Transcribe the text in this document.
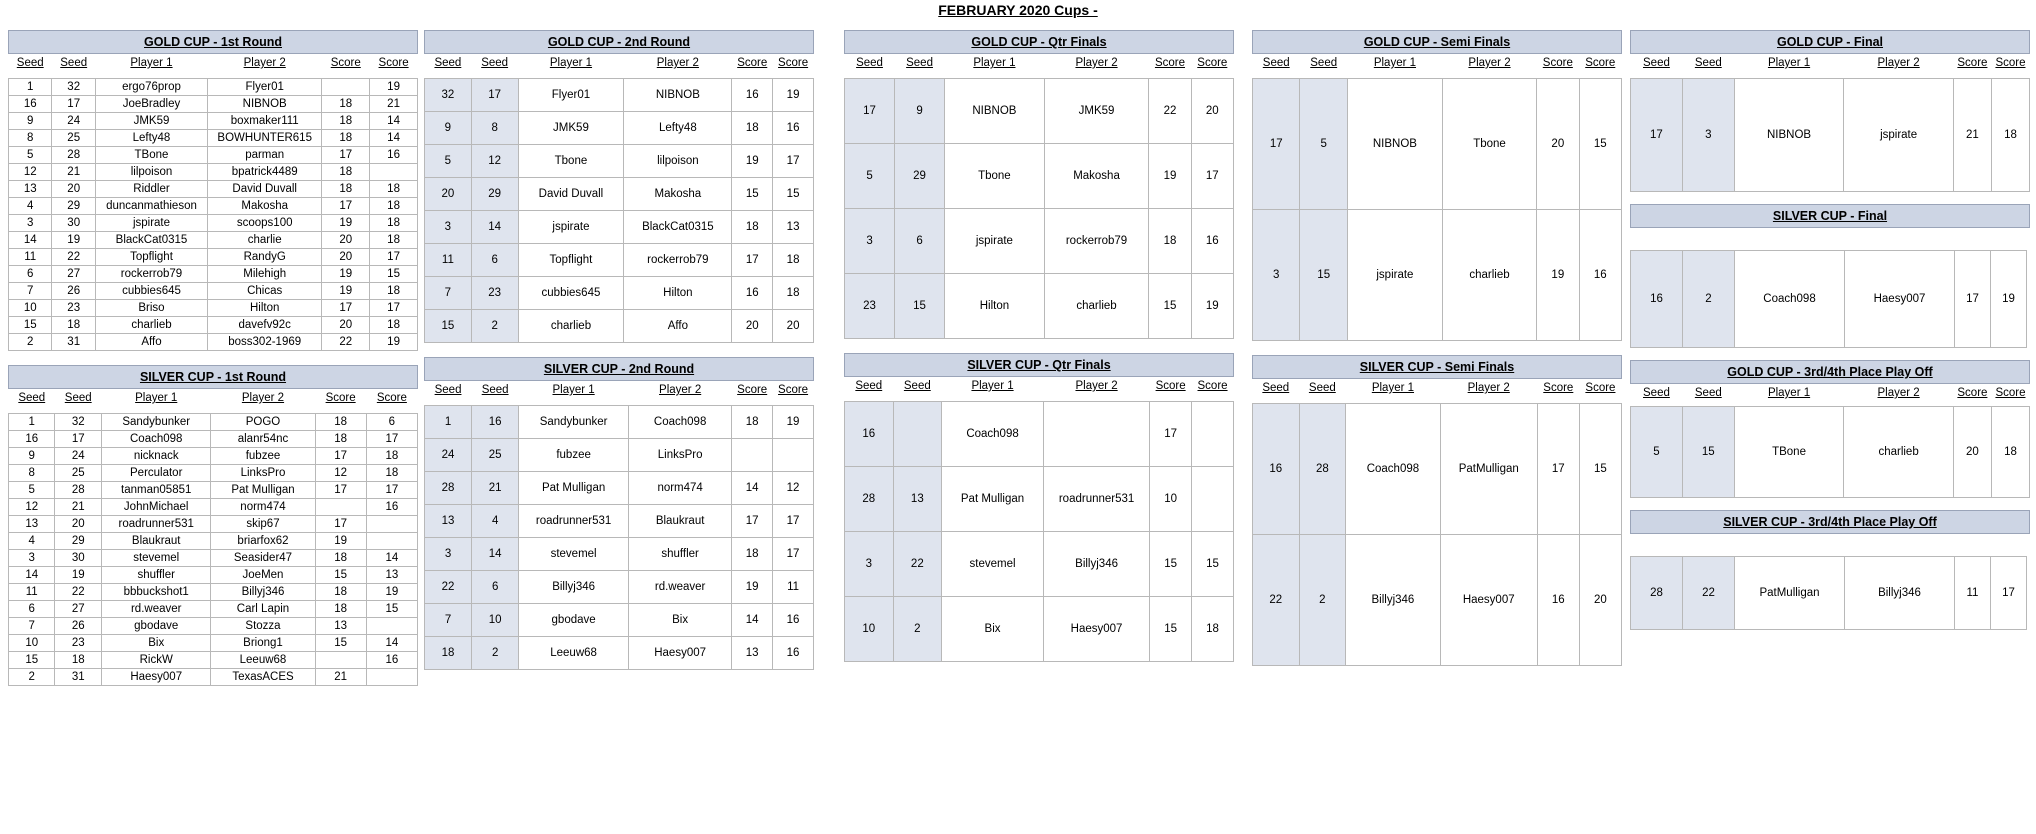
FEBRUARY 2020 Cups -
GOLD CUP - 1st Round
Seed	Seed	Player 1	Player 2	Score	Score

1	32	ergo76prop	Flyer01		19
16	17	JoeBradley	NIBNOB	18	21
9	24	JMK59	boxmaker111	18	14
8	25	Lefty48	BOWHUNTER615	18	14
5	28	TBone	parman	17	16
12	21	lilpoison	bpatrick4489	18	
13	20	Riddler	David Duvall	18	18
4	29	duncanmathieson	Makosha	17	18
3	30	jspirate	scoops100	19	18
14	19	BlackCat0315	charlie	20	18
11	22	Topflight	RandyG	20	17
6	27	rockerrob79	Milehigh	19	15
7	26	cubbies645	Chicas	19	18
10	23	Briso	Hilton	17	17
15	18	charlieb	davefv92c	20	18
2	31	Affo	boss302-1969	22	19
SILVER CUP - 1st Round
Seed	Seed	Player 1	Player 2	Score	Score

1	32	Sandybunker	POGO	18	6
16	17	Coach098	alanr54nc	18	17
9	24	nicknack	fubzee	17	18
8	25	Perculator	LinksPro	12	18
5	28	tanman05851	Pat Mulligan	17	17
12	21	JohnMichael	norm474		16
13	20	roadrunner531	skip67	17	
4	29	Blaukraut	briarfox62	19	
3	30	stevemel	Seasider47	18	14
14	19	shuffler	JoeMen	15	13
11	22	bbbuckshot1	Billyj346	18	19
6	27	rd.weaver	Carl Lapin	18	15
7	26	gbodave	Stozza	13	
10	23	Bix	Briong1	15	14
15	18	RickW	Leeuw68		16
2	31	Haesy007	TexasACES	21	
GOLD CUP - 2nd Round
Seed	Seed	Player 1	Player 2	Score	Score

32	17	Flyer01	NIBNOB	16	19
9	8	JMK59	Lefty48	18	16
5	12	Tbone	lilpoison	19	17
20	29	David Duvall	Makosha	15	15
3	14	jspirate	BlackCat0315	18	13
11	6	Topflight	rockerrob79	17	18
7	23	cubbies645	Hilton	16	18
15	2	charlieb	Affo	20	20
SILVER CUP - 2nd Round
Seed	Seed	Player 1	Player 2	Score	Score

1	16	Sandybunker	Coach098	18	19
24	25	fubzee	LinksPro		
28	21	Pat Mulligan	norm474	14	12
13	4	roadrunner531	Blaukraut	17	17
3	14	stevemel	shuffler	18	17
22	6	Billyj346	rd.weaver	19	11
7	10	gbodave	Bix	14	16
18	2	Leeuw68	Haesy007	13	16
GOLD CUP - Qtr Finals
Seed	Seed	Player 1	Player 2	Score	Score

17	9	NIBNOB	JMK59	22	20
5	29	Tbone	Makosha	19	17
3	6	jspirate	rockerrob79	18	16
23	15	Hilton	charlieb	15	19
SILVER CUP - Qtr Finals
Seed	Seed	Player 1	Player 2	Score	Score

16		Coach098		17	
28	13	Pat Mulligan	roadrunner531	10	
3	22	stevemel	Billyj346	15	15
10	2	Bix	Haesy007	15	18
GOLD CUP - Semi Finals
Seed	Seed	Player 1	Player 2	Score	Score

17	5	NIBNOB	Tbone	20	15
3	15	jspirate	charlieb	19	16
SILVER CUP - Semi Finals
Seed	Seed	Player 1	Player 2	Score	Score

16	28	Coach098	PatMulligan	17	15
22	2	Billyj346	Haesy007	16	20
GOLD CUP - Final
Seed	Seed	Player 1	Player 2	Score	Score

17	3	NIBNOB	jspirate	21	18
SILVER CUP - Final

16	2	Coach098	Haesy007	17	19
GOLD CUP - 3rd/4th Place Play Off
Seed	Seed	Player 1	Player 2	Score	Score

5	15	TBone	charlieb	20	18
SILVER CUP - 3rd/4th Place Play Off

28	22	PatMulligan	Billyj346	11	17
